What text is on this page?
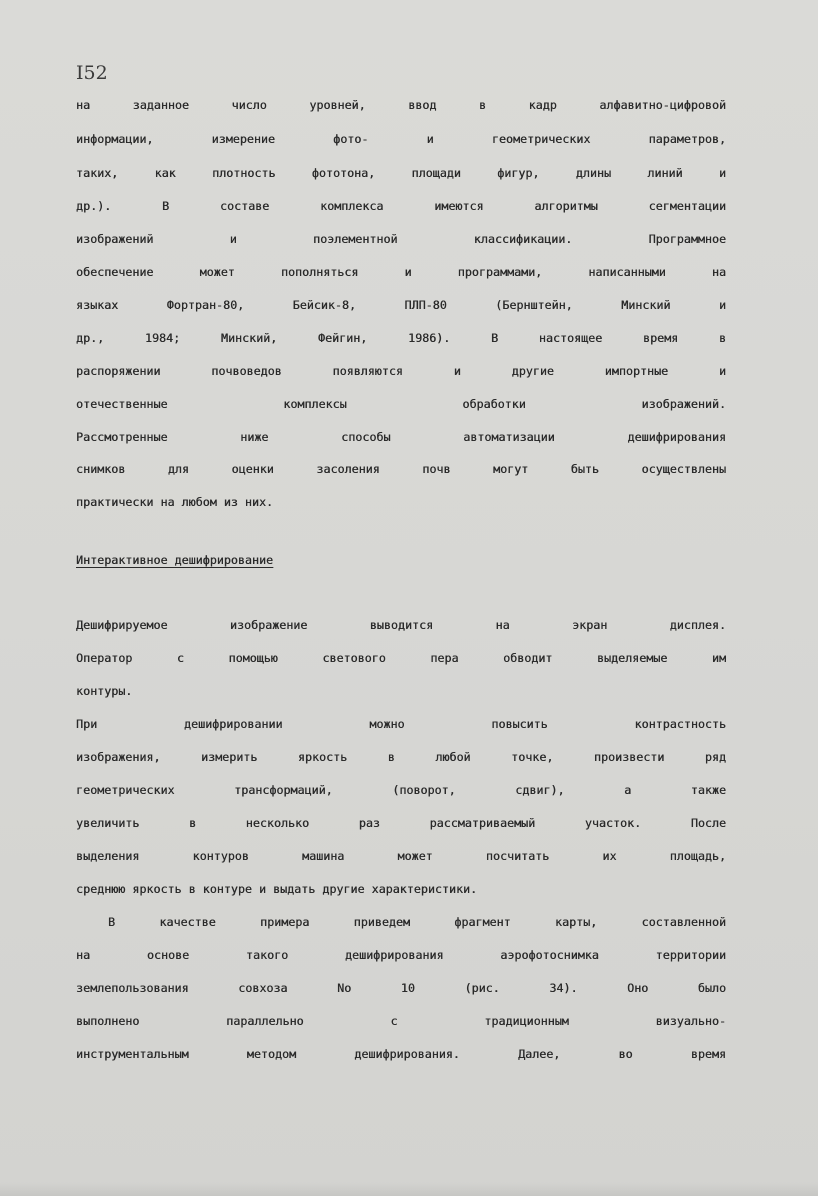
I52

на заданное число уровней, ввод в кадр алфавитно-цифровой

информации, измерение фото- и геометрических параметров,

таких, как плотность фототона, площади фигур, длины линий и

др.). В составе комплекса имеются алгоритмы сегментации

изображений и поэлементной классификации. Программное

обеспечение может пополняться и программами, написанными на

языках Фортран-80, Бейсик-8, ПЛП-80 (Бернштейн, Минский и

др., 1984; Минский, Фейгин, 1986). В настоящее время в

распоряжении почвоведов появляются и другие импортные и

отечественные комплексы обработки изображений.

Рассмотренные ниже способы автоматизации дешифрирования

снимков для оценки засоления почв могут быть осуществлены

практически на любом из них.

Интерактивное дешифрирование

Дешифрируемое изображение выводится на экран дисплея.

Оператор с помощью светового пера обводит выделяемые им

контуры.

При дешифрировании можно повысить контрастность

изображения, измерить яркость в любой точке, произвести ряд

геометрических трансформаций, (поворот, сдвиг), а также

увеличить в несколько раз рассматриваемый участок. После

выделения контуров машина может посчитать их площадь,

среднюю яркость в контуре и выдать другие характеристики.

В качестве примера приведем фрагмент карты, составленной

на основе такого дешифрирования аэрофотоснимка территории

землепользования совхоза No 10 (рис. 34). Оно было

выполнено параллельно с традиционным визуально-

инструментальным методом дешифрирования. Далее, во время
